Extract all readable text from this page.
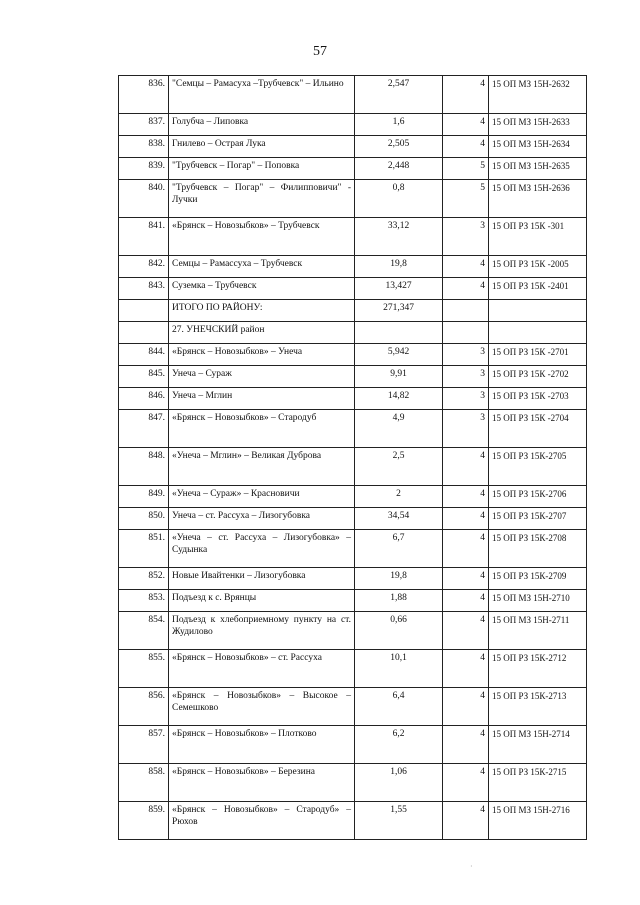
57
836.	"Семцы – Рамасуха –Трубчевск" – Ильино	2,547	4	15 ОП МЗ 15Н-2632
837.	Голубча – Липовка	1,6	4	15 ОП МЗ 15Н-2633
838.	Гнилево – Острая Лука	2,505	4	15 ОП МЗ 15Н-2634
839.	"Трубчевск – Погар" – Поповка	2,448	5	15 ОП МЗ 15Н-2635
840.	"Трубчевск – Погар" – Филипповичи" - Лучки	0,8	5	15 ОП МЗ 15Н-2636
841.	«Брянск – Новозыбков» – Трубчевск	33,12	3	15 ОП РЗ 15К -301
842.	Семцы – Рамассуха – Трубчевск	19,8	4	15 ОП РЗ 15К -2005
843.	Суземка – Трубчевск	13,427	4	15 ОП РЗ 15К -2401
	ИТОГО ПО РАЙОНУ:	271,347		
	27. УНЕЧСКИЙ район			
844.	«Брянск – Новозыбков» – Унеча	5,942	3	15 ОП РЗ 15К -2701
845.	Унеча – Сураж	9,91	3	15 ОП РЗ 15К -2702
846.	Унеча – Мглин	14,82	3	15 ОП РЗ 15К -2703
847.	«Брянск – Новозыбков» – Стародуб	4,9	3	15 ОП РЗ 15К -2704
848.	«Унеча – Мглин» – Великая Дуброва	2,5	4	15 ОП РЗ 15К-2705
849.	«Унеча – Сураж» – Красновичи	2	4	15 ОП РЗ 15К-2706
850.	Унеча – ст. Рассуха – Лизогубовка	34,54	4	15 ОП РЗ 15К-2707
851.	«Унеча – ст. Рассуха – Лизогубовка» – Судынка	6,7	4	15 ОП РЗ 15К-2708
852.	Новые Ивайтенки – Лизогубовка	19,8	4	15 ОП РЗ 15К-2709
853.	Подъезд к с. Врянцы	1,88	4	15 ОП МЗ 15Н-2710
854.	Подъезд к хлебоприемному пункту на ст. Жудилово	0,66	4	15 ОП МЗ 15Н-2711
855.	«Брянск – Новозыбков» – ст. Рассуха	10,1	4	15 ОП РЗ 15К-2712
856.	«Брянск – Новозыбков» – Высокое – Семешково	6,4	4	15 ОП РЗ 15К-2713
857.	«Брянск – Новозыбков» – Плотково	6,2	4	15 ОП МЗ 15Н-2714
858.	«Брянск – Новозыбков» – Березина	1,06	4	15 ОП РЗ 15К-2715
859.	«Брянск – Новозыбков» – Стародуб» – Рюхов	1,55	4	15 ОП МЗ 15Н-2716
·
